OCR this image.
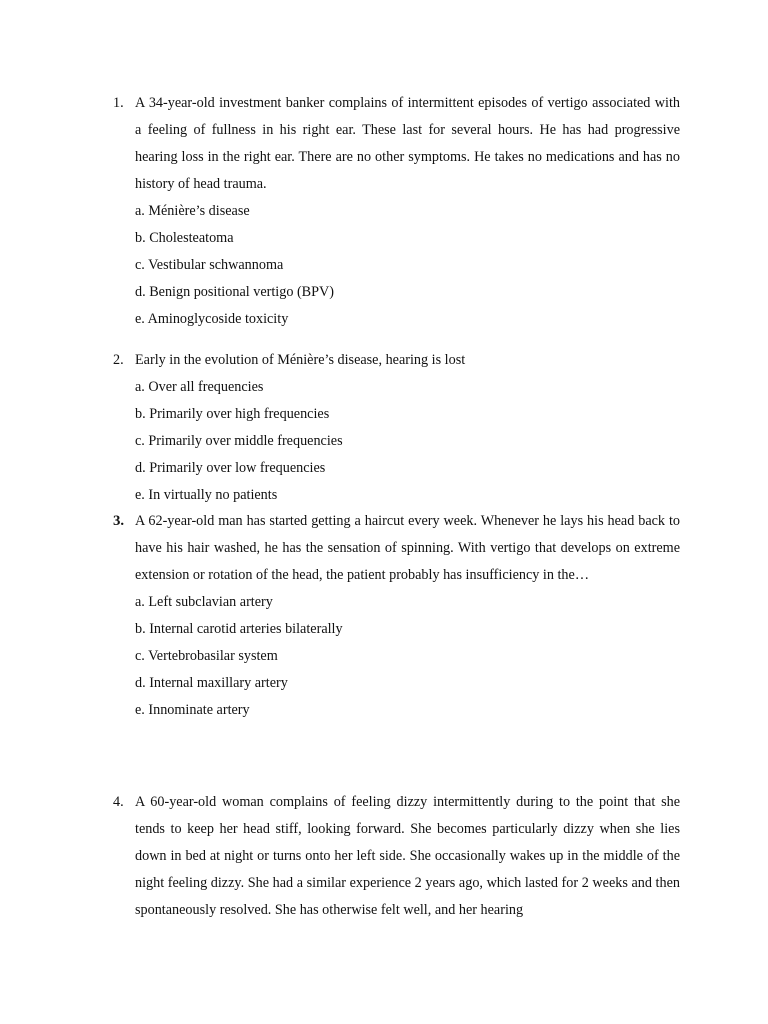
1. A 34-year-old investment banker complains of intermittent episodes of vertigo associated with a feeling of fullness in his right ear. These last for several hours. He has had progressive hearing loss in the right ear. There are no other symptoms. He takes no medications and has no history of head trauma.

a. Ménière’s disease
b. Cholesteatoma
c. Vestibular schwannoma
d. Benign positional vertigo (BPV)
e. Aminoglycoside toxicity
2. Early in the evolution of Ménière’s disease, hearing is lost

a. Over all frequencies
b. Primarily over high frequencies
c. Primarily over middle frequencies
d. Primarily over low frequencies
e. In virtually no patients
3. A 62-year-old man has started getting a haircut every week. Whenever he lays his head back to have his hair washed, he has the sensation of spinning. With vertigo that develops on extreme extension or rotation of the head, the patient probably has insufficiency in the…

a. Left subclavian artery
b. Internal carotid arteries bilaterally
c. Vertebrobasilar system
d. Internal maxillary artery
e. Innominate artery
4. A 60-year-old woman complains of feeling dizzy intermittently during to the point that she tends to keep her head stiff, looking forward. She becomes particularly dizzy when she lies down in bed at night or turns onto her left side. She occasionally wakes up in the middle of the night feeling dizzy. She had a similar experience 2 years ago, which lasted for 2 weeks and then spontaneously resolved. She has otherwise felt well, and her hearing
